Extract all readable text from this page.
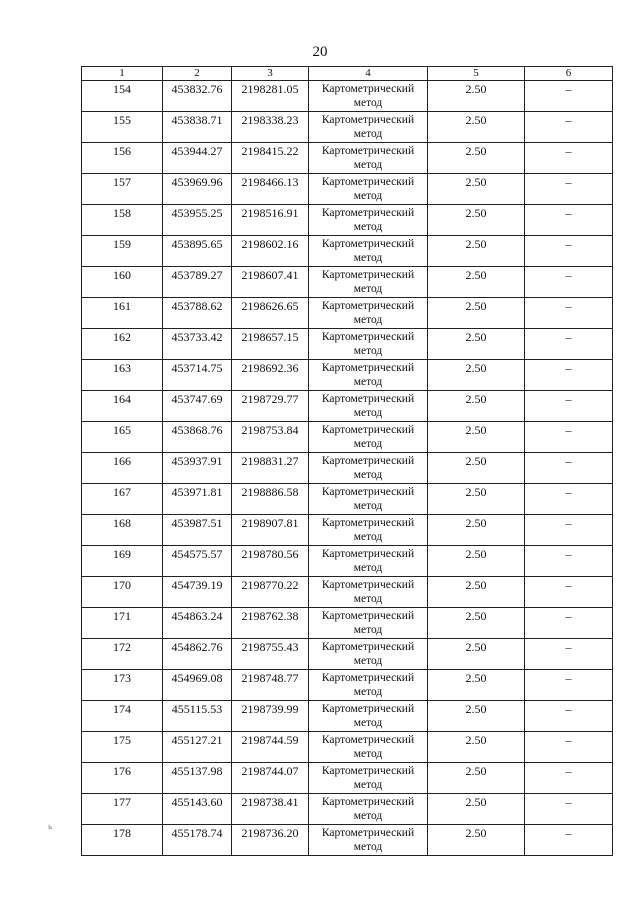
20
1	2	3	4	5	6
154	453832.76	2198281.05	Картометрический метод	2.50	–
155	453838.71	2198338.23	Картометрический метод	2.50	–
156	453944.27	2198415.22	Картометрический метод	2.50	–
157	453969.96	2198466.13	Картометрический метод	2.50	–
158	453955.25	2198516.91	Картометрический метод	2.50	–
159	453895.65	2198602.16	Картометрический метод	2.50	–
160	453789.27	2198607.41	Картометрический метод	2.50	–
161	453788.62	2198626.65	Картометрический метод	2.50	–
162	453733.42	2198657.15	Картометрический метод	2.50	–
163	453714.75	2198692.36	Картометрический метод	2.50	–
164	453747.69	2198729.77	Картометрический метод	2.50	–
165	453868.76	2198753.84	Картометрический метод	2.50	–
166	453937.91	2198831.27	Картометрический метод	2.50	–
167	453971.81	2198886.58	Картометрический метод	2.50	–
168	453987.51	2198907.81	Картометрический метод	2.50	–
169	454575.57	2198780.56	Картометрический метод	2.50	–
170	454739.19	2198770.22	Картометрический метод	2.50	–
171	454863.24	2198762.38	Картометрический метод	2.50	–
172	454862.76	2198755.43	Картометрический метод	2.50	–
173	454969.08	2198748.77	Картометрический метод	2.50	–
174	455115.53	2198739.99	Картометрический метод	2.50	–
175	455127.21	2198744.59	Картометрический метод	2.50	–
176	455137.98	2198744.07	Картометрический метод	2.50	–
177	455143.60	2198738.41	Картометрический метод	2.50	–
178	455178.74	2198736.20	Картометрический метод	2.50	–
ь
